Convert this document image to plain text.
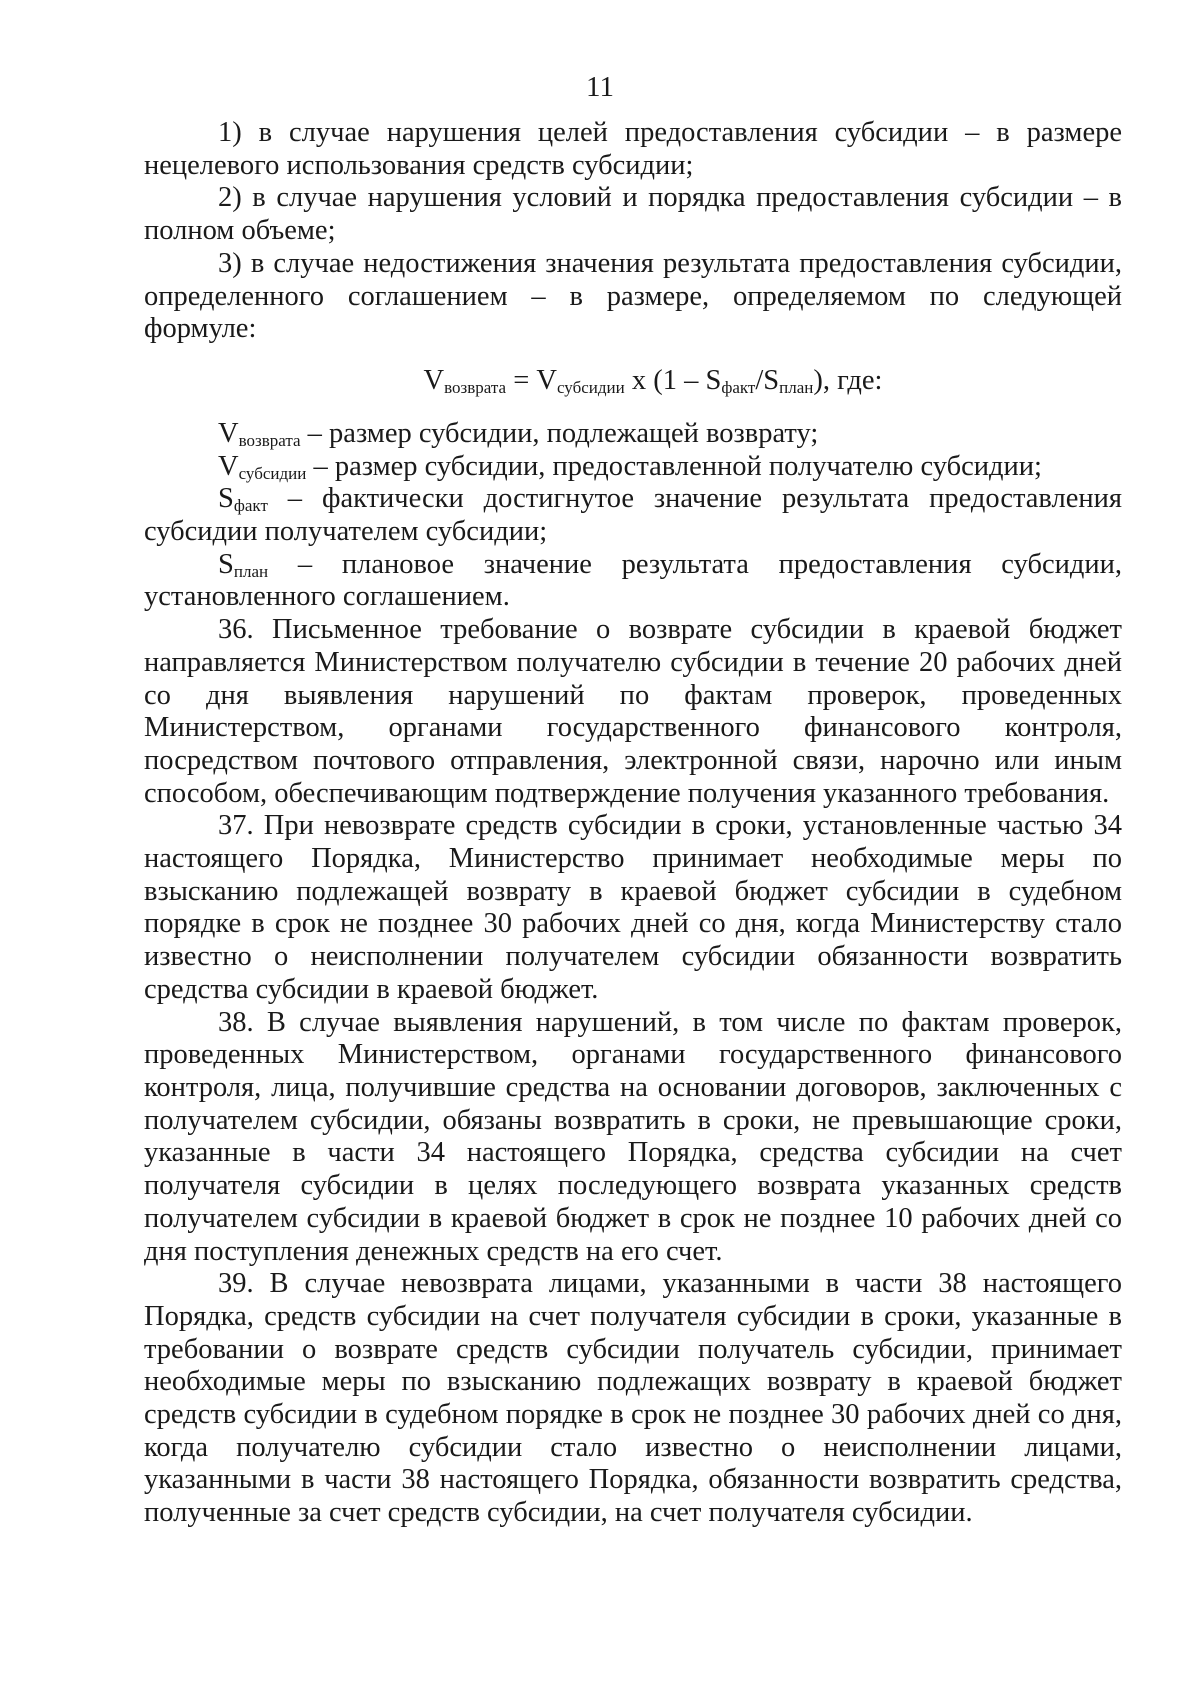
11

1) в случае нарушения целей предоставления субсидии – в размере нецелевого использования средств субсидии;

2) в случае нарушения условий и порядка предоставления субсидии – в полном объеме;

3) в случае недостижения значения результата предоставления субсидии, определенного соглашением – в размере, определяемом по следующей формуле:

$V_{возврата} = V_{субсидии}$ x $(1 - S_{факт}/S_{план})$, где:

$V_{возврата}$ – размер субсидии, подлежащей возврату;

$V_{субсидии}$ – размер субсидии, предоставленной получателю субсидии;

$S_{факт}$ – фактически достигнутое значение результата предоставления субсидии получателем субсидии;

$S_{план}$ – плановое значение результата предоставления субсидии, установленного соглашением.

36. Письменное требование о возврате субсидии в краевой бюджет направляется Министерством получателю субсидии в течение 20 рабочих дней со дня выявления нарушений по фактам проверок, проведенных Министерством, органами государственного финансового контроля, посредством почтового отправления, электронной связи, нарочно или иным способом, обеспечивающим подтверждение получения указанного требования.

37. При невозврате средств субсидии в сроки, установленные частью 34 настоящего Порядка, Министерство принимает необходимые меры по взысканию подлежащей возврату в краевой бюджет субсидии в судебном порядке в срок не позднее 30 рабочих дней со дня, когда Министерству стало известно о неисполнении получателем субсидии обязанности возвратить средства субсидии в краевой бюджет.

38. В случае выявления нарушений, в том числе по фактам проверок, проведенных Министерством, органами государственного финансового контроля, лица, получившие средства на основании договоров, заключенных с получателем субсидии, обязаны возвратить в сроки, не превышающие сроки, указанные в части 34 настоящего Порядка, средства субсидии на счет получателя субсидии в целях последующего возврата указанных средств получателем субсидии в краевой бюджет в срок не позднее 10 рабочих дней со дня поступления денежных средств на его счет.

39. В случае невозврата лицами, указанными в части 38 настоящего Порядка, средств субсидии на счет получателя субсидии в сроки, указанные в требовании о возврате средств субсидии получатель субсидии, принимает необходимые меры по взысканию подлежащих возврату в краевой бюджет средств субсидии в судебном порядке в срок не позднее 30 рабочих дней со дня, когда получателю субсидии стало известно о неисполнении лицами, указанными в части 38 настоящего Порядка, обязанности возвратить средства, полученные за счет средств субсидии, на счет получателя субсидии.
